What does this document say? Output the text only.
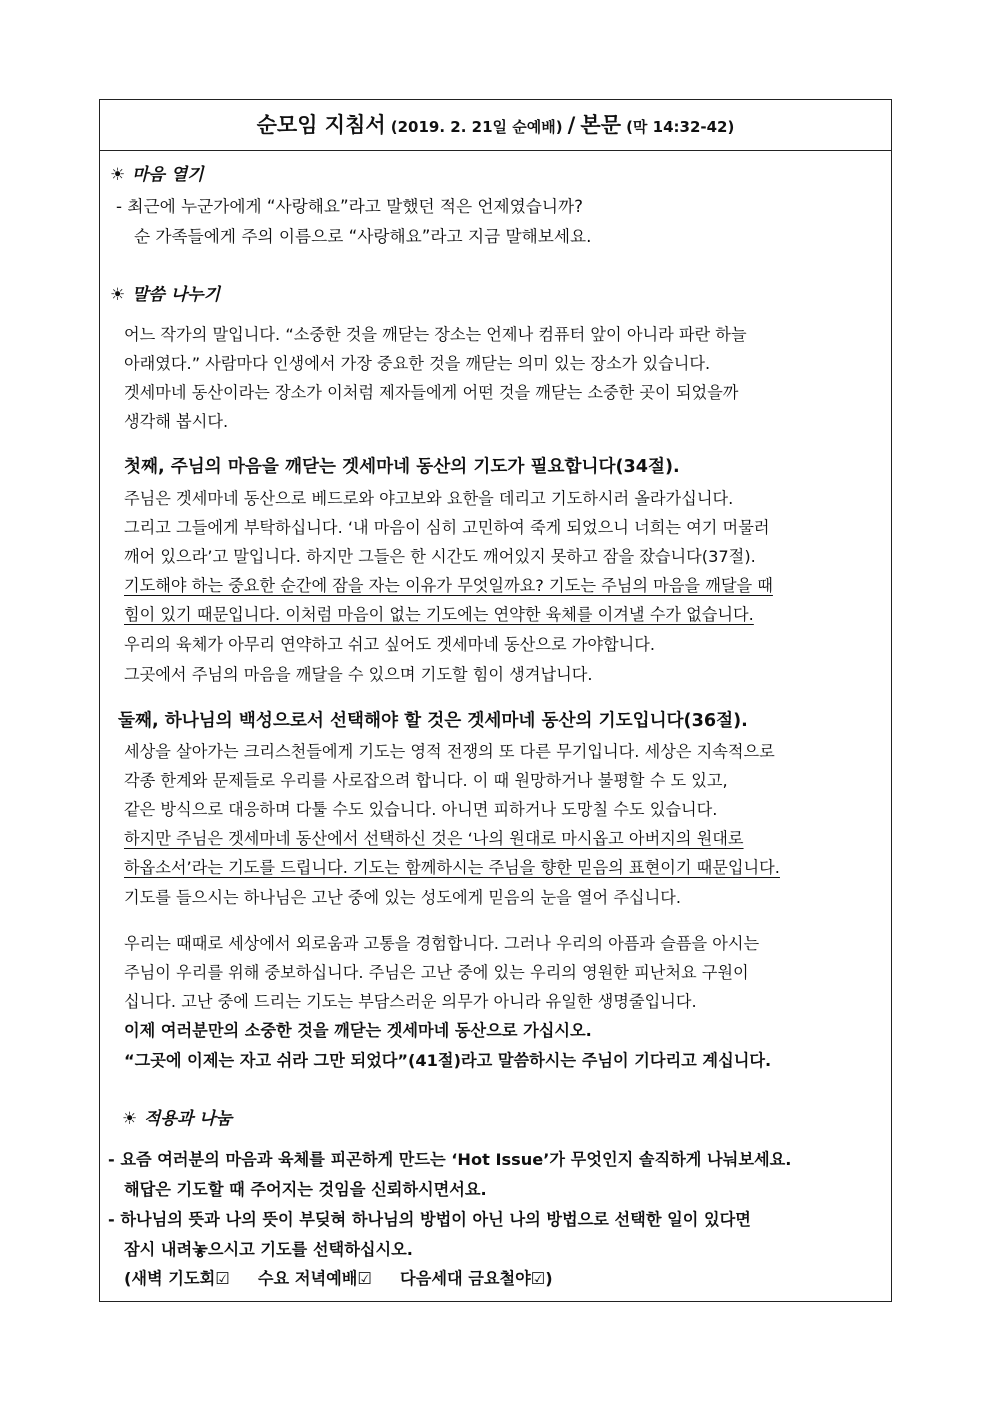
순모임 지침서 (2019. 2. 21일 순예배) / 본문 (막 14:32-42)
☀ 마음 열기
- 최근에 누군가에게 “사랑해요”라고 말했던 적은 언제였습니까?
순 가족들에게 주의 이름으로 “사랑해요”라고 지금 말해보세요.
☀ 말씀 나누기
어느 작가의 말입니다. “소중한 것을 깨닫는 장소는 언제나 컴퓨터 앞이 아니라 파란 하늘
아래였다.” 사람마다 인생에서 가장 중요한 것을 깨닫는 의미 있는 장소가 있습니다.
겟세마네 동산이라는 장소가 이처럼 제자들에게 어떤 것을 깨닫는 소중한 곳이 되었을까
생각해 봅시다.
첫째, 주님의 마음을 깨닫는 겟세마네 동산의 기도가 필요합니다(34절).
주님은 겟세마네 동산으로 베드로와 야고보와 요한을 데리고 기도하시러 올라가십니다.
그리고 그들에게 부탁하십니다. ‘내 마음이 심히 고민하여 죽게 되었으니 너희는 여기 머물러
깨어 있으라’고 말입니다. 하지만 그들은 한 시간도 깨어있지 못하고 잠을 잤습니다(37절).
기도해야 하는 중요한 순간에 잠을 자는 이유가 무엇일까요? 기도는 주님의 마음을 깨달을 때
힘이 있기 때문입니다. 이처럼 마음이 없는 기도에는 연약한 육체를 이겨낼 수가 없습니다.
우리의 육체가 아무리 연약하고 쉬고 싶어도 겟세마네 동산으로 가야합니다.
그곳에서 주님의 마음을 깨달을 수 있으며 기도할 힘이 생겨납니다.
둘째, 하나님의 백성으로서 선택해야 할 것은 겟세마네 동산의 기도입니다(36절).
세상을 살아가는 크리스천들에게 기도는 영적 전쟁의 또 다른 무기입니다. 세상은 지속적으로
각종 한계와 문제들로 우리를 사로잡으려 합니다. 이 때 원망하거나 불평할 수 도 있고,
같은 방식으로 대응하며 다툴 수도 있습니다. 아니면 피하거나 도망칠 수도 있습니다.
하지만 주님은 겟세마네 동산에서 선택하신 것은 ‘나의 원대로 마시옵고 아버지의 원대로
하옵소서’라는 기도를 드립니다. 기도는 함께하시는 주님을 향한 믿음의 표현이기 때문입니다.
기도를 들으시는 하나님은 고난 중에 있는 성도에게 믿음의 눈을 열어 주십니다.
우리는 때때로 세상에서 외로움과 고통을 경험합니다. 그러나 우리의 아픔과 슬픔을 아시는
주님이 우리를 위해 중보하십니다. 주님은 고난 중에 있는 우리의 영원한 피난처요 구원이
십니다. 고난 중에 드리는 기도는 부담스러운 의무가 아니라 유일한 생명줄입니다.
이제 여러분만의 소중한 것을 깨닫는 겟세마네 동산으로 가십시오.
“그곳에 이제는 자고 쉬라 그만 되었다”(41절)라고 말씀하시는 주님이 기다리고 계십니다.
☀ 적용과 나눔
- 요즘 여러분의 마음과 육체를 피곤하게 만드는 ‘Hot Issue’가 무엇인지 솔직하게 나눠보세요.
해답은 기도할 때 주어지는 것임을 신뢰하시면서요.
- 하나님의 뜻과 나의 뜻이 부딪혀 하나님의 방법이 아닌 나의 방법으로 선택한 일이 있다면
잠시 내려놓으시고 기도를 선택하십시오.
(새벽 기도회☑     수요 저녁예배☑     다음세대 금요철야☑)
